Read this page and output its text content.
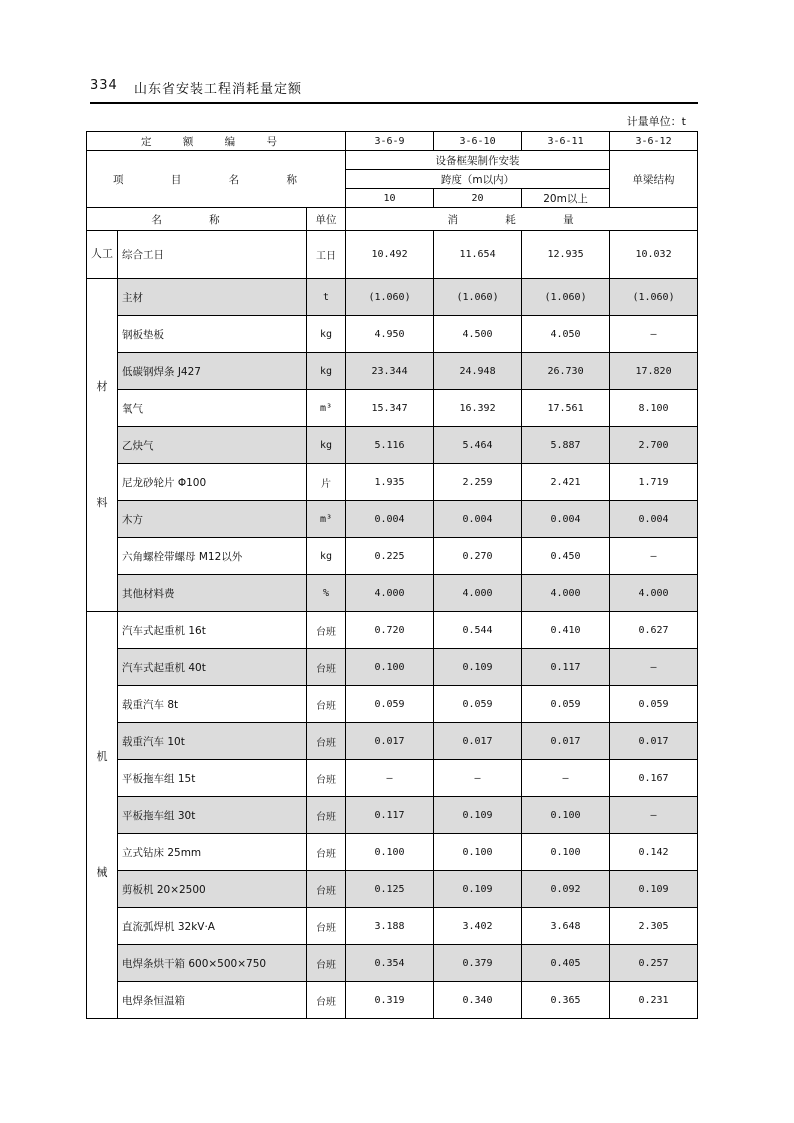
334 山东省安装工程消耗量定额
计量单位：t
定 额 编 号			3-6-9	3-6-10	3-6-11	3-6-12
项 目 名 称			设备框架制作安装			单梁结构
			跨度（m以内）			
			10	20	20m以上	
名 称		单位	消 耗 量			

人工	综合工日	工日	10.492	11.654	12.935	10.032

材
料	主材	t	(1.060)	(1.060)	(1.060)	(1.060)
	钢板垫板	kg	4.950	4.500	4.050	—
	低碳钢焊条 J427	kg	23.344	24.948	26.730	17.820
	氧气	m³	15.347	16.392	17.561	8.100
	乙炔气	kg	5.116	5.464	5.887	2.700
	尼龙砂轮片 Φ100	片	1.935	2.259	2.421	1.719
	木方	m³	0.004	0.004	0.004	0.004
	六角螺栓带螺母 M12以外	kg	0.225	0.270	0.450	—
	其他材料费	%	4.000	4.000	4.000	4.000

机
械	汽车式起重机 16t	台班	0.720	0.544	0.410	0.627
	汽车式起重机 40t	台班	0.100	0.109	0.117	—
	载重汽车 8t	台班	0.059	0.059	0.059	0.059
	载重汽车 10t	台班	0.017	0.017	0.017	0.017
	平板拖车组 15t	台班	—	—	—	0.167
	平板拖车组 30t	台班	0.117	0.109	0.100	—
	立式钻床 25mm	台班	0.100	0.100	0.100	0.142
	剪板机 20×2500	台班	0.125	0.109	0.092	0.109
	直流弧焊机 32kV·A	台班	3.188	3.402	3.648	2.305
	电焊条烘干箱 600×500×750	台班	0.354	0.379	0.405	0.257
	电焊条恒温箱	台班	0.319	0.340	0.365	0.231
